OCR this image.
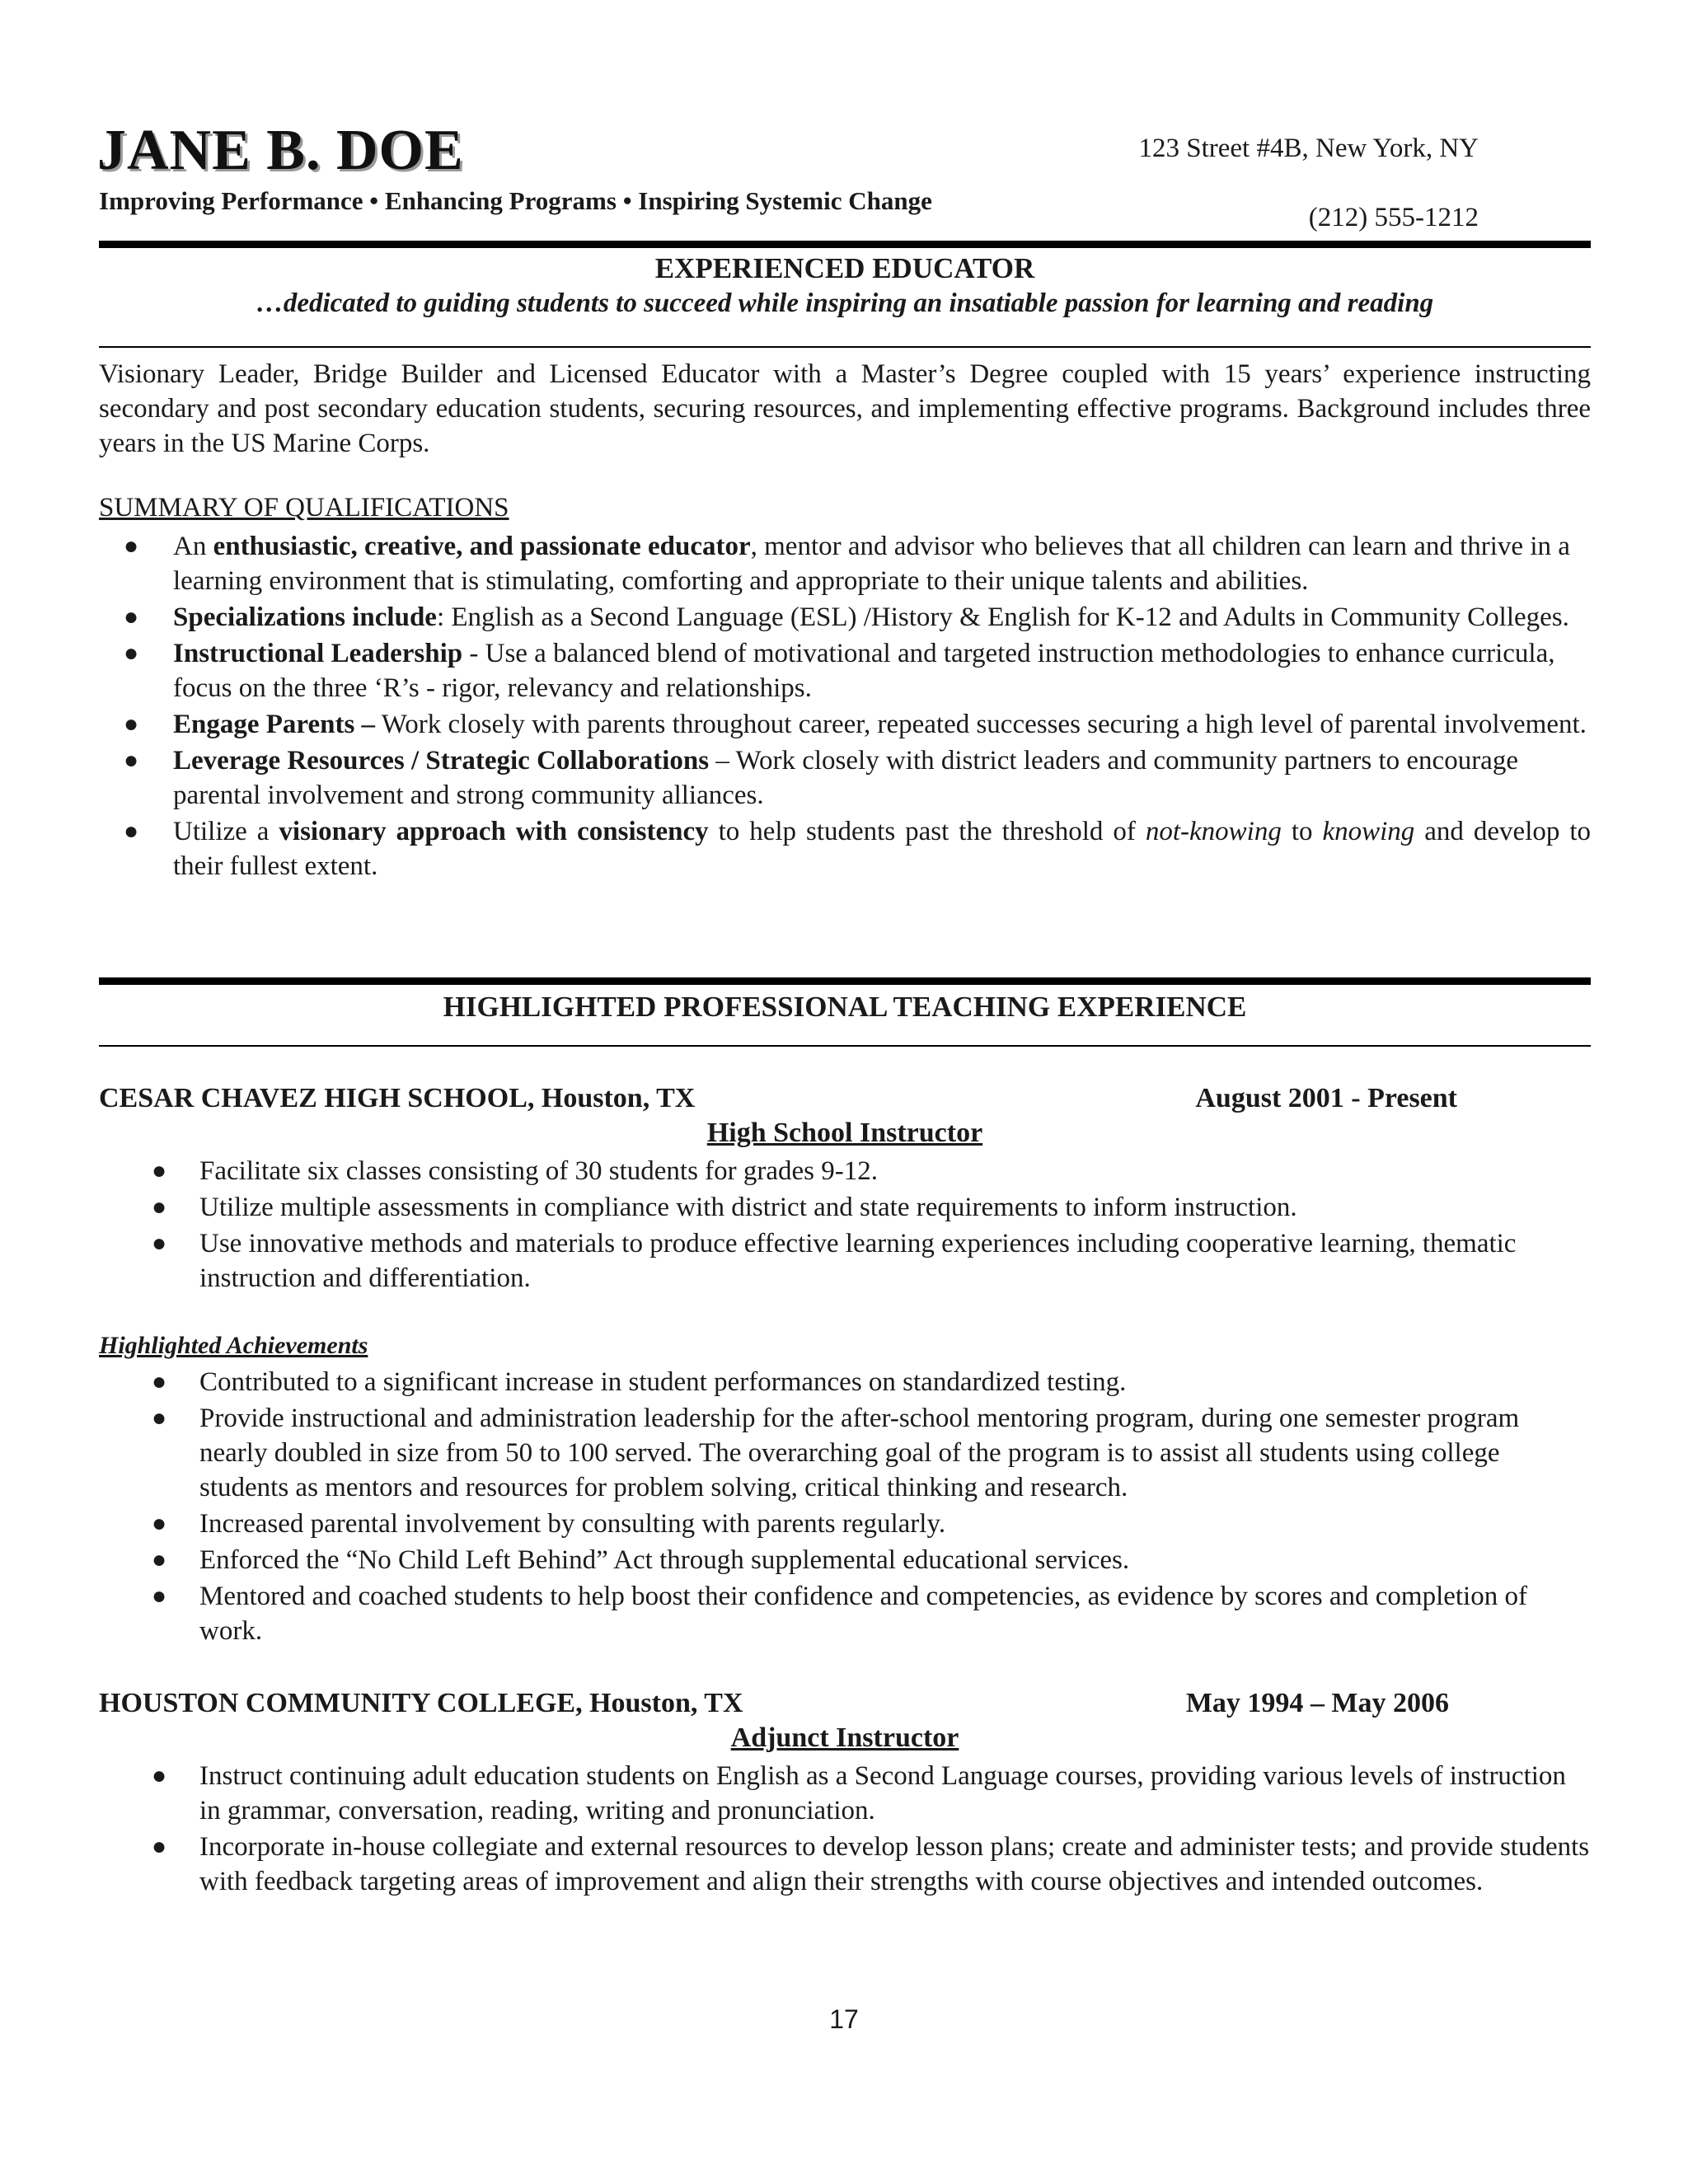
JANE B. DOE
Improving Performance • Enhancing Programs • Inspiring Systemic Change
123 Street #4B, New York, NY
(212) 555-1212
EXPERIENCED EDUCATOR
…dedicated to guiding students to succeed while inspiring an insatiable passion for learning and reading
Visionary Leader, Bridge Builder and Licensed Educator with a Master’s Degree coupled with 15 years’ experience instructing secondary and post secondary education students, securing resources, and implementing effective programs. Background includes three years in the US Marine Corps.
SUMMARY OF QUALIFICATIONS
● An enthusiastic, creative, and passionate educator, mentor and advisor who believes that all children can learn and thrive in a learning environment that is stimulating, comforting and appropriate to their unique talents and abilities.
● Specializations include: English as a Second Language (ESL) /History & English for K-12 and Adults in Community Colleges.
● Instructional Leadership - Use a balanced blend of motivational and targeted instruction methodologies to enhance curricula, focus on the three ‘R’s - rigor, relevancy and relationships.
● Engage Parents – Work closely with parents throughout career, repeated successes securing a high level of parental involvement.
● Leverage Resources / Strategic Collaborations – Work closely with district leaders and community partners to encourage parental involvement and strong community alliances.
● Utilize a visionary approach with consistency to help students past the threshold of not-knowing to knowing and develop to their fullest extent.
HIGHLIGHTED PROFESSIONAL TEACHING EXPERIENCE
CESAR CHAVEZ HIGH SCHOOL, Houston, TX	August 2001 - Present
High School Instructor
● Facilitate six classes consisting of 30 students for grades 9-12.
● Utilize multiple assessments in compliance with district and state requirements to inform instruction.
● Use innovative methods and materials to produce effective learning experiences including cooperative learning, thematic instruction and differentiation.
Highlighted Achievements
● Contributed to a significant increase in student performances on standardized testing.
● Provide instructional and administration leadership for the after-school mentoring program, during one semester program nearly doubled in size from 50 to 100 served. The overarching goal of the program is to assist all students using college students as mentors and resources for problem solving, critical thinking and research.
● Increased parental involvement by consulting with parents regularly.
● Enforced the “No Child Left Behind” Act through supplemental educational services.
● Mentored and coached students to help boost their confidence and competencies, as evidence by scores and completion of work.
HOUSTON COMMUNITY COLLEGE, Houston, TX	May 1994 – May 2006
Adjunct Instructor
● Instruct continuing adult education students on English as a Second Language courses, providing various levels of instruction in grammar, conversation, reading, writing and pronunciation.
● Incorporate in-house collegiate and external resources to develop lesson plans; create and administer tests; and provide students with feedback targeting areas of improvement and align their strengths with course objectives and intended outcomes.
17
